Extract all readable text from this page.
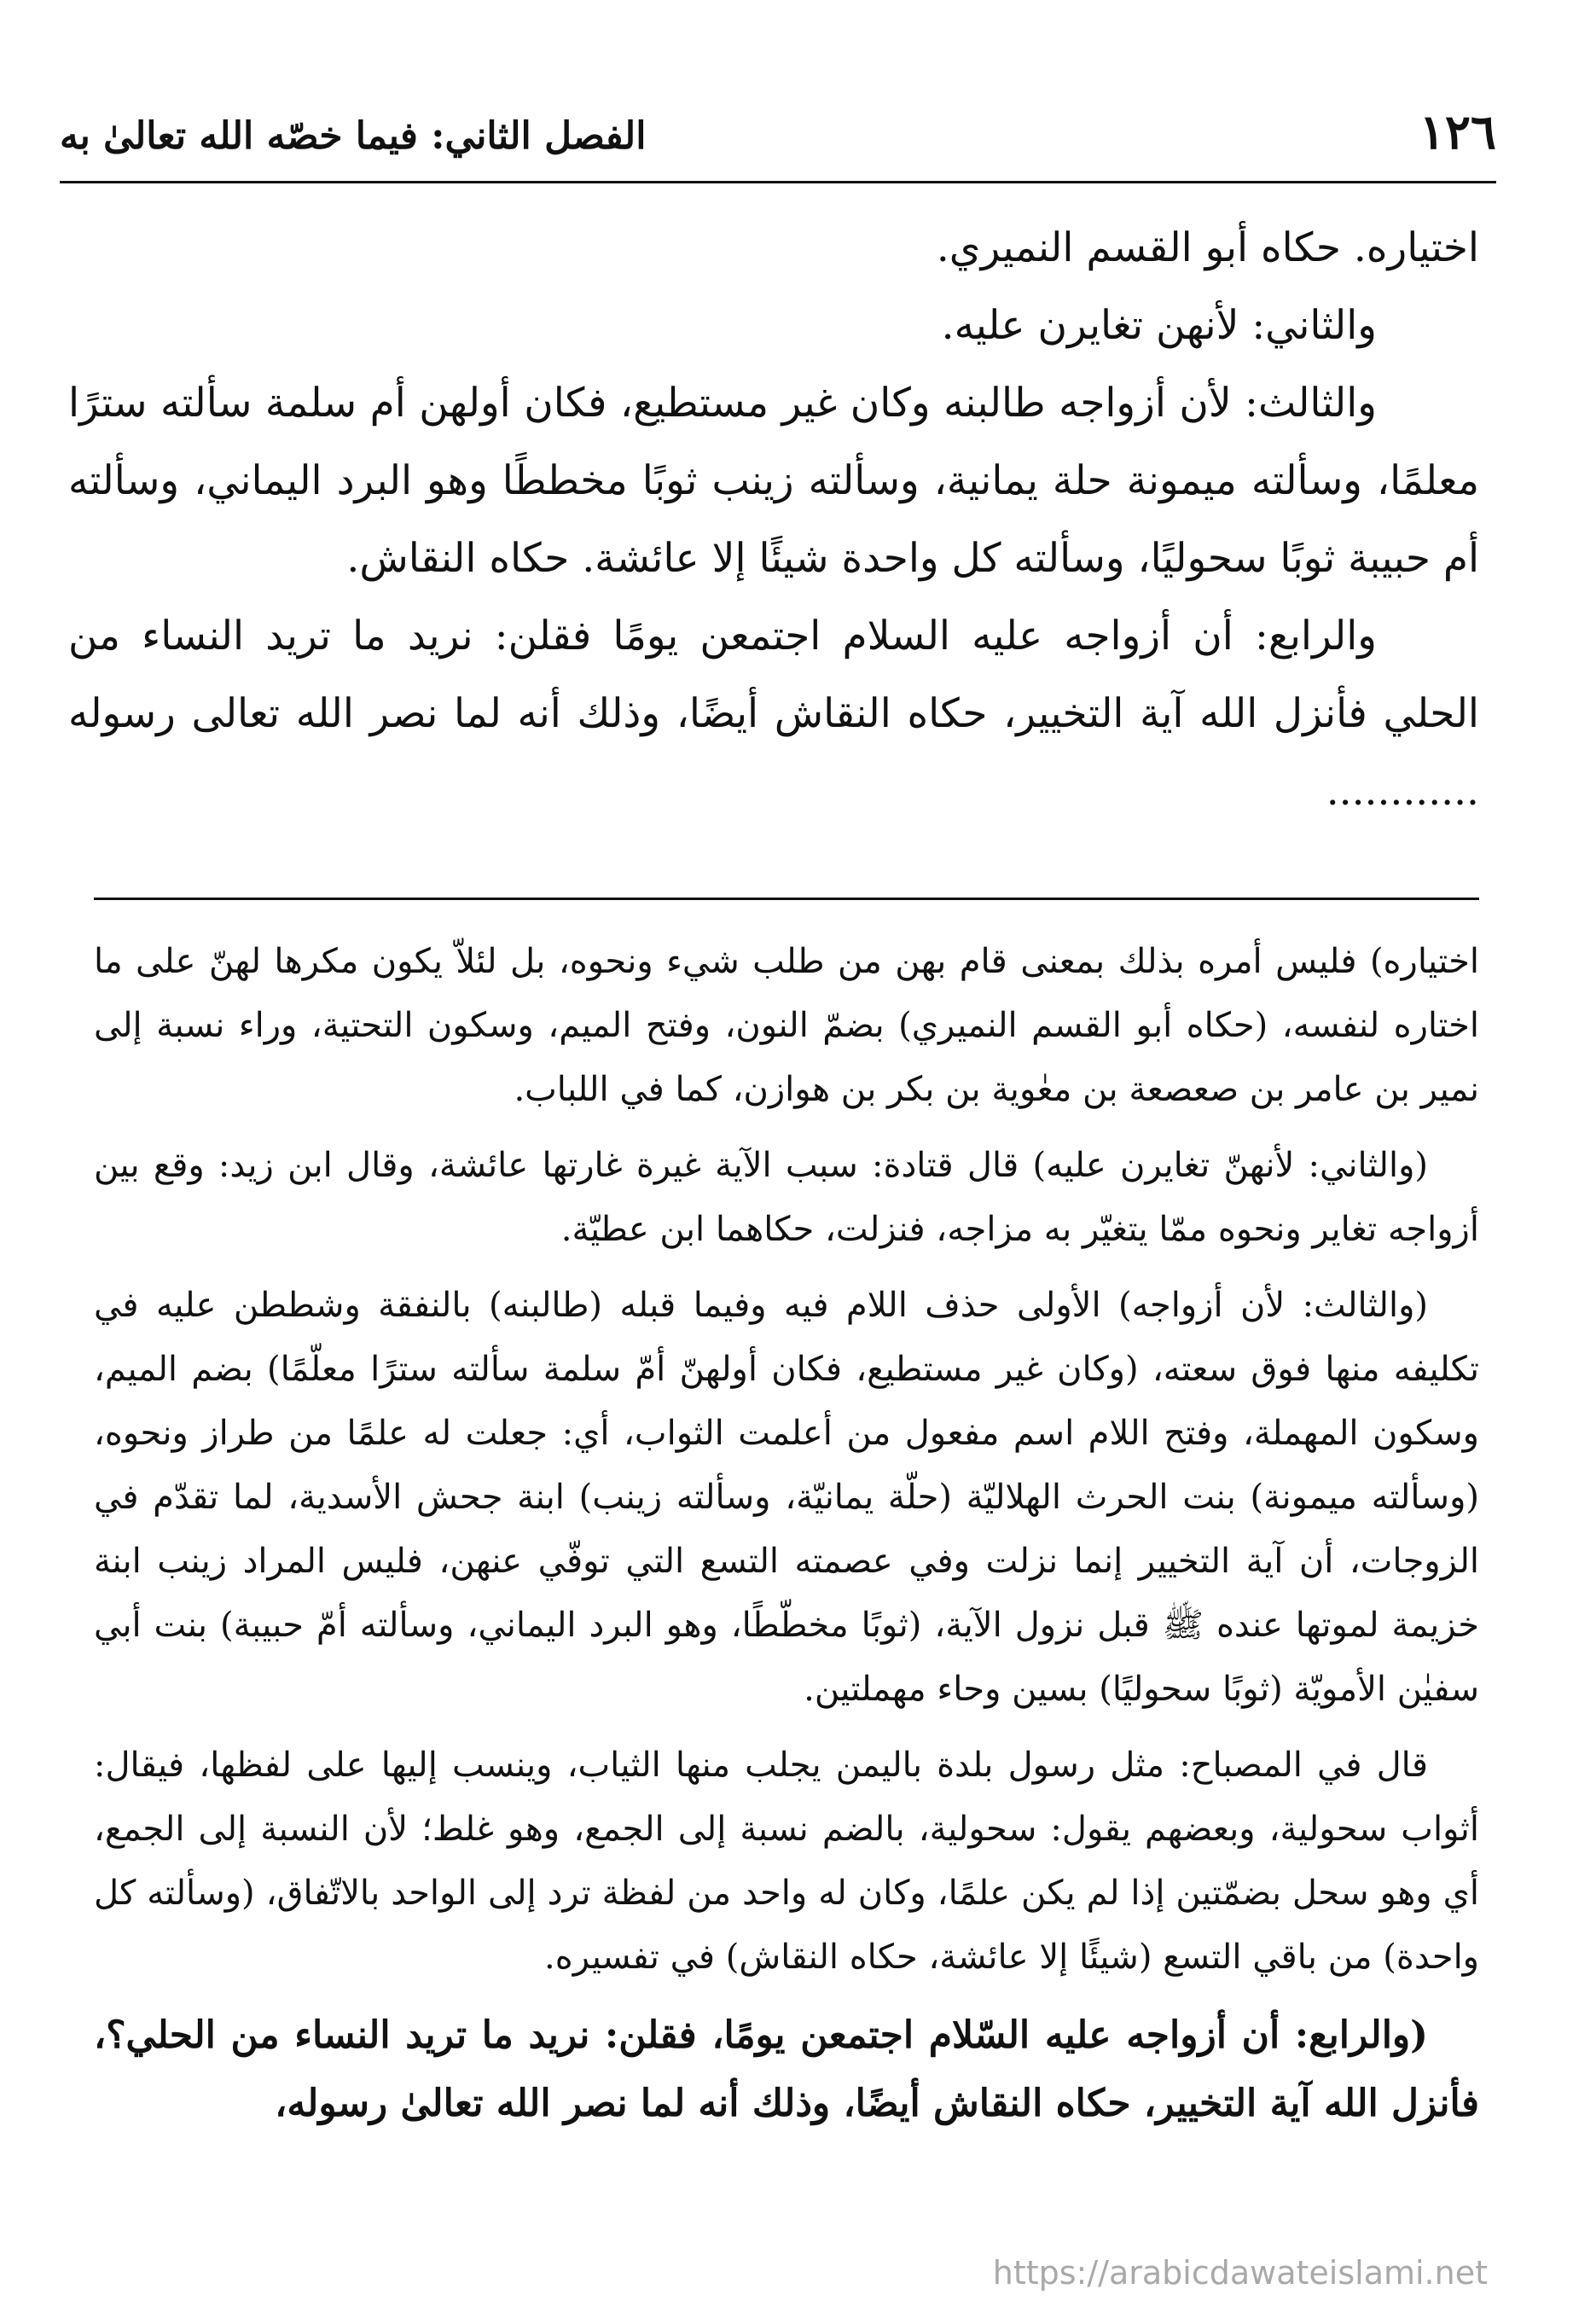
١٢٦
الفصل الثاني: فيما خصّه الله تعالىٰ به

اختياره. حكاه أبو القسم النميري.

والثاني: لأنهن تغايرن عليه.

والثالث: لأن أزواجه طالبنه وكان غير مستطيع، فكان أولهن أم سلمة سألته سترًا معلمًا، وسألته ميمونة حلة يمانية، وسألته زينب ثوبًا مخططًا وهو البرد اليماني، وسألته أم حبيبة ثوبًا سحوليًا، وسألته كل واحدة شيئًا إلا عائشة. حكاه النقاش.

والرابع: أن أزواجه عليه السلام اجتمعن يومًا فقلن: نريد ما تريد النساء من الحلي فأنزل الله آية التخيير، حكاه النقاش أيضًا، وذلك أنه لما نصر الله تعالى رسوله ............

اختياره) فليس أمره بذلك بمعنى قام بهن من طلب شيء ونحوه، بل لئلاّ يكون مكرها لهنّ على ما اختاره لنفسه، (حكاه أبو القسم النميري) بضمّ النون، وفتح الميم، وسكون التحتية، وراء نسبة إلى نمير بن عامر بن صعصعة بن معٰوية بن بكر بن هوازن، كما في اللباب.

(والثاني: لأنهنّ تغايرن عليه) قال قتادة: سبب الآية غيرة غارتها عائشة، وقال ابن زيد: وقع بين أزواجه تغاير ونحوه ممّا يتغيّر به مزاجه، فنزلت، حكاهما ابن عطيّة.

(والثالث: لأن أزواجه) الأولى حذف اللام فيه وفيما قبله (طالبنه) بالنفقة وشططن عليه في تكليفه منها فوق سعته، (وكان غير مستطيع، فكان أولهنّ أمّ سلمة سألته سترًا معلّمًا) بضم الميم، وسكون المهملة، وفتح اللام اسم مفعول من أعلمت الثواب، أي: جعلت له علمًا من طراز ونحوه، (وسألته ميمونة) بنت الحرث الهلاليّة (حلّة يمانيّة، وسألته زينب) ابنة جحش الأسدية، لما تقدّم في الزوجات، أن آية التخيير إنما نزلت وفي عصمته التسع التي توفّي عنهن، فليس المراد زينب ابنة خزيمة لموتها عنده ﷺ قبل نزول الآية، (ثوبًا مخطّطًا، وهو البرد اليماني، وسألته أمّ حبيبة) بنت أبي سفيٰن الأمويّة (ثوبًا سحوليًا) بسين وحاء مهملتين.

قال في المصباح: مثل رسول بلدة باليمن يجلب منها الثياب، وينسب إليها على لفظها، فيقال: أثواب سحولية، وبعضهم يقول: سحولية، بالضم نسبة إلى الجمع، وهو غلط؛ لأن النسبة إلى الجمع، أي وهو سحل بضمّتين إذا لم يكن علمًا، وكان له واحد من لفظة ترد إلى الواحد بالاتّفاق، (وسألته كل واحدة) من باقي التسع (شيئًا إلا عائشة، حكاه النقاش) في تفسيره.

(والرابع: أن أزواجه عليه السّلام اجتمعن يومًا، فقلن: نريد ما تريد النساء من الحلي؟، فأنزل الله آية التخيير، حكاه النقاش أيضًا، وذلك أنه لما نصر الله تعالىٰ رسوله،

https://arabicdawateislami.net
